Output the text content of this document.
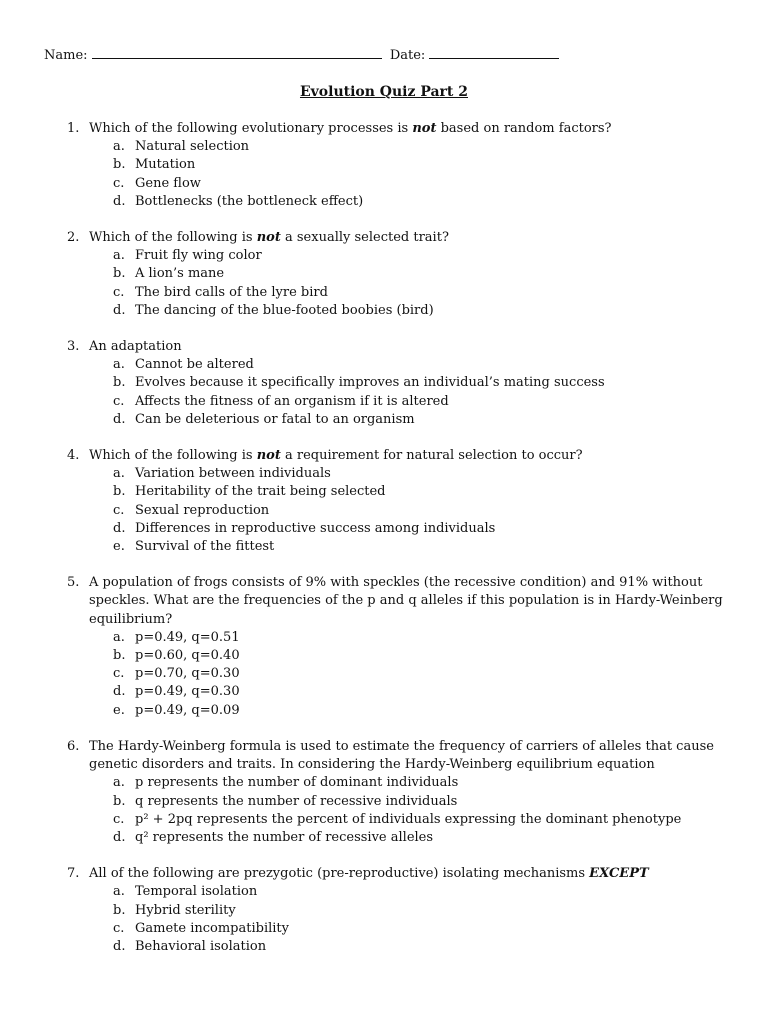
Name:	Date:
Evolution Quiz Part 2
1. Which of the following evolutionary processes is not based on random factors?
a. Natural selection
b. Mutation
c. Gene flow
d. Bottlenecks (the bottleneck effect)
2. Which of the following is not a sexually selected trait?
a. Fruit fly wing color
b. A lion’s mane
c. The bird calls of the lyre bird
d. The dancing of the blue-footed boobies (bird)
3. An adaptation
a. Cannot be altered
b. Evolves because it specifically improves an individual’s mating success
c. Affects the fitness of an organism if it is altered
d. Can be deleterious or fatal to an organism
4. Which of the following is not a requirement for natural selection to occur?
a. Variation between individuals
b. Heritability of the trait being selected
c. Sexual reproduction
d. Differences in reproductive success among individuals
e. Survival of the fittest
5. A population of frogs consists of 9% with speckles (the recessive condition) and 91% without speckles. What are the frequencies of the p and q alleles if this population is in Hardy-Weinberg equilibrium?
a. p=0.49, q=0.51
b. p=0.60, q=0.40
c. p=0.70, q=0.30
d. p=0.49, q=0.30
e. p=0.49, q=0.09
6. The Hardy-Weinberg formula is used to estimate the frequency of carriers of alleles that cause genetic disorders and traits. In considering the Hardy-Weinberg equilibrium equation
a. p represents the number of dominant individuals
b. q represents the number of recessive individuals
c. p² + 2pq represents the percent of individuals expressing the dominant phenotype
d. q² represents the number of recessive alleles
7. All of the following are prezygotic (pre-reproductive) isolating mechanisms EXCEPT
a. Temporal isolation
b. Hybrid sterility
c. Gamete incompatibility
d. Behavioral isolation
